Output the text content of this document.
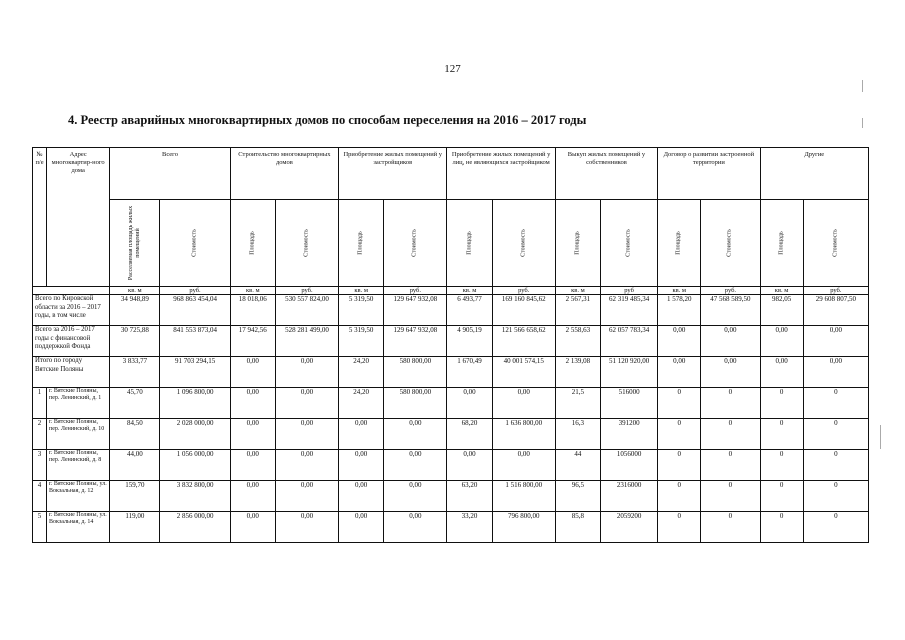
127
4. Реестр аварийных многоквартирных домов по способам переселения на 2016 – 2017 годы
№ п/е	Адрес многоквартир-ного дома	Всего		Строительство многоквартирных домов		Приобретение жилых помещений у застройщиков		Приобретение жилых помещений у лиц, не являющихся застройщиком		Выкуп жилых помещений у собственников		Договор о развитии застроенной территории		Другие	

		Расселяемая площадь жилых помещений	Стоимость	Площадь	Стоимость	Площадь	Стоимость	Площадь	Стоимость	Площадь	Стоимость	Площадь	Стоимость	Площадь	Стоимость

		кв. м	руб.	кв. м	руб.	кв. м	руб.	кв. м	руб.	кв. м	руб	кв. м	руб.	кв. м	руб.
Всего по Кировской области за 2016 – 2017 годы, в том числе		34 948,89	968 863 454,04	18 018,06	530 557 824,00	5 319,50	129 647 932,08	6 493,77	169 160 845,62	2 567,31	62 319 485,34	1 578,20	47 568 589,50	982,05	29 608 807,50
Всего за 2016 – 2017 годы с финансовой поддержкой Фонда		30 725,88	841 553 873,04	17 942,56	528 281 499,00	5 319,50	129 647 932,08	4 905,19	121 566 658,62	2 558,63	62 057 783,34	0,00	0,00	0,00	0,00
Итого по городу Вятские Поляны		3 833,77	91 703 294,15	0,00	0,00	24,20	580 800,00	1 670,49	40 001 574,15	2 139,08	51 120 920,00	0,00	0,00	0,00	0,00
1	г. Вятские Поляны, пер. Ленинский, д. 1	45,70	1 096 800,00	0,00	0,00	24,20	580 800,00	0,00	0,00	21,5	516000	0	0	0	0
2	г. Вятские Поляны, пер. Ленинский, д. 10	84,50	2 028 000,00	0,00	0,00	0,00	0,00	68,20	1 636 800,00	16,3	391200	0	0	0	0
3	г. Вятские Поляны, пер. Ленинский, д. 8	44,00	1 056 000,00	0,00	0,00	0,00	0,00	0,00	0,00	44	1056000	0	0	0	0
4	г. Вятские Поляны, ул. Вокзальная, д. 12	159,70	3 832 800,00	0,00	0,00	0,00	0,00	63,20	1 516 800,00	96,5	2316000	0	0	0	0
5	г. Вятские Поляны, ул. Вокзальная, д. 14	119,00	2 856 000,00	0,00	0,00	0,00	0,00	33,20	796 800,00	85,8	2059200	0	0	0	0
